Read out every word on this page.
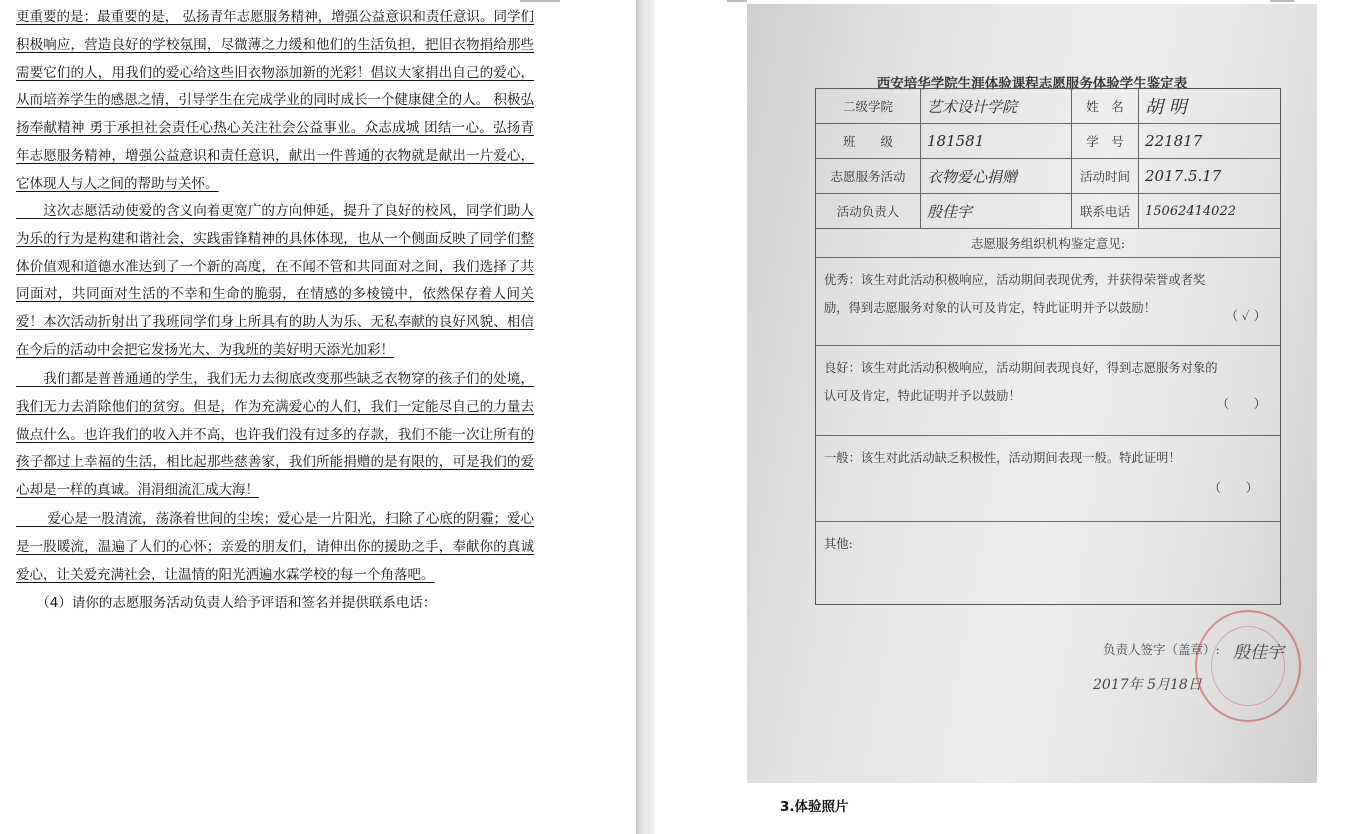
更重要的是：最重要的是， 弘扬青年志愿服务精神，增强公益意识和责任意识。同学们积极响应，营造良好的学校氛围，尽微薄之力缓和他们的生活负担，把旧衣物捐给那些需要它们的人，用我们的爱心给这些旧衣物添加新的光彩！倡议大家捐出自己的爱心，从而培养学生的感恩之情，引导学生在完成学业的同时成长一个健康健全的人。 积极弘扬奉献精神 勇于承担社会责任心热心关注社会公益事业。众志成城 团结一心。弘扬青年志愿服务精神，增强公益意识和责任意识，献出一件普通的衣物就是献出一片爱心，它体现人与人之间的帮助与关怀。

　　这次志愿活动使爱的含义向着更宽广的方向伸延，提升了良好的校风，同学们助人为乐的行为是构建和谐社会，实践雷锋精神的具体体现，也从一个侧面反映了同学们整体价值观和道德水准达到了一个新的高度，在不闻不管和共同面对之间，我们选择了共同面对，共同面对生活的不幸和生命的脆弱，在情感的多棱镜中，依然保存着人间关爱！本次活动折射出了我班同学们身上所具有的助人为乐、无私奉献的良好风貌、相信在今后的活动中会把它发扬光大、为我班的美好明天添光加彩！

　　我们都是普普通通的学生，我们无力去彻底改变那些缺乏衣物穿的孩子们的处境，我们无力去消除他们的贫穷。但是，作为充满爱心的人们，我们一定能尽自己的力量去做点什么。也许我们的收入并不高，也许我们没有过多的存款，我们不能一次让所有的孩子都过上幸福的生活，相比起那些慈善家，我们所能捐赠的是有限的，可是我们的爱心却是一样的真诚。涓涓细流汇成大海！

　　 爱心是一股清流，荡涤着世间的尘埃；爱心是一片阳光，扫除了心底的阴霾；爱心是一股暖流，温遍了人们的心怀；亲爱的朋友们，请伸出你的援助之手，奉献你的真诚爱心，让关爱充满社会，让温情的阳光洒遍水霖学校的每一个角落吧。

　　（4）请你的志愿服务活动负责人给予评语和签名并提供联系电话：

西安培华学院生涯体验课程志愿服务体验学生鉴定表
二级学院	艺术设计学院	姓　名	胡 明
班　　级	181581	学　号	221817
志愿服务活动	衣物爱心捐赠	活动时间	2017.5.17
活动负责人	殷佳宇	联系电话	15062414022
志愿服务组织机构鉴定意见:
优秀：该生对此活动积极响应，活动期间表现优秀，并获得荣誉或者奖励，得到志愿服务对象的认可及肯定，特此证明并予以鼓励！
（ ✓ ）
良好：该生对此活动积极响应，活动期间表现良好，得到志愿服务对象的认可及肯定，特此证明并予以鼓励！
（　　）
一般：该生对此活动缺乏积极性，活动期间表现一般。特此证明！
（　　）
其他:
负责人签字（盖章）: 殷佳宇
2017年 5月18日
3.体验照片
